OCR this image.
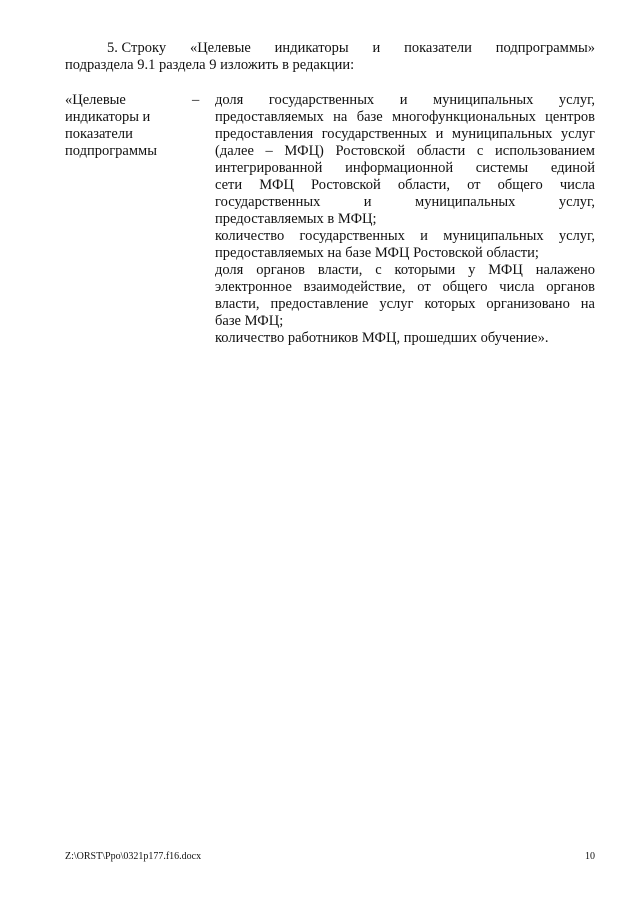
5. Строку «Целевые индикаторы и показатели подпрограммы»
подраздела 9.1 раздела 9 изложить в редакции:
«Целевые
индикаторы и
показатели
подпрограммы
– доля государственных и муниципальных услуг,
предоставляемых на базе многофункциональных центров
предоставления государственных и муниципальных услуг
(далее – МФЦ) Ростовской области с использованием
интегрированной информационной системы единой
сети МФЦ Ростовской области, от общего числа
государственных и муниципальных услуг,
предоставляемых в МФЦ;
количество государственных и муниципальных услуг,
предоставляемых на базе МФЦ Ростовской области;
доля органов власти, с которыми у МФЦ налажено
электронное взаимодействие, от общего числа органов
власти, предоставление услуг которых организовано на
базе МФЦ;
количество работников МФЦ, прошедших обучение».
Z:\ORST\Ppo\0321p177.f16.docx	10
